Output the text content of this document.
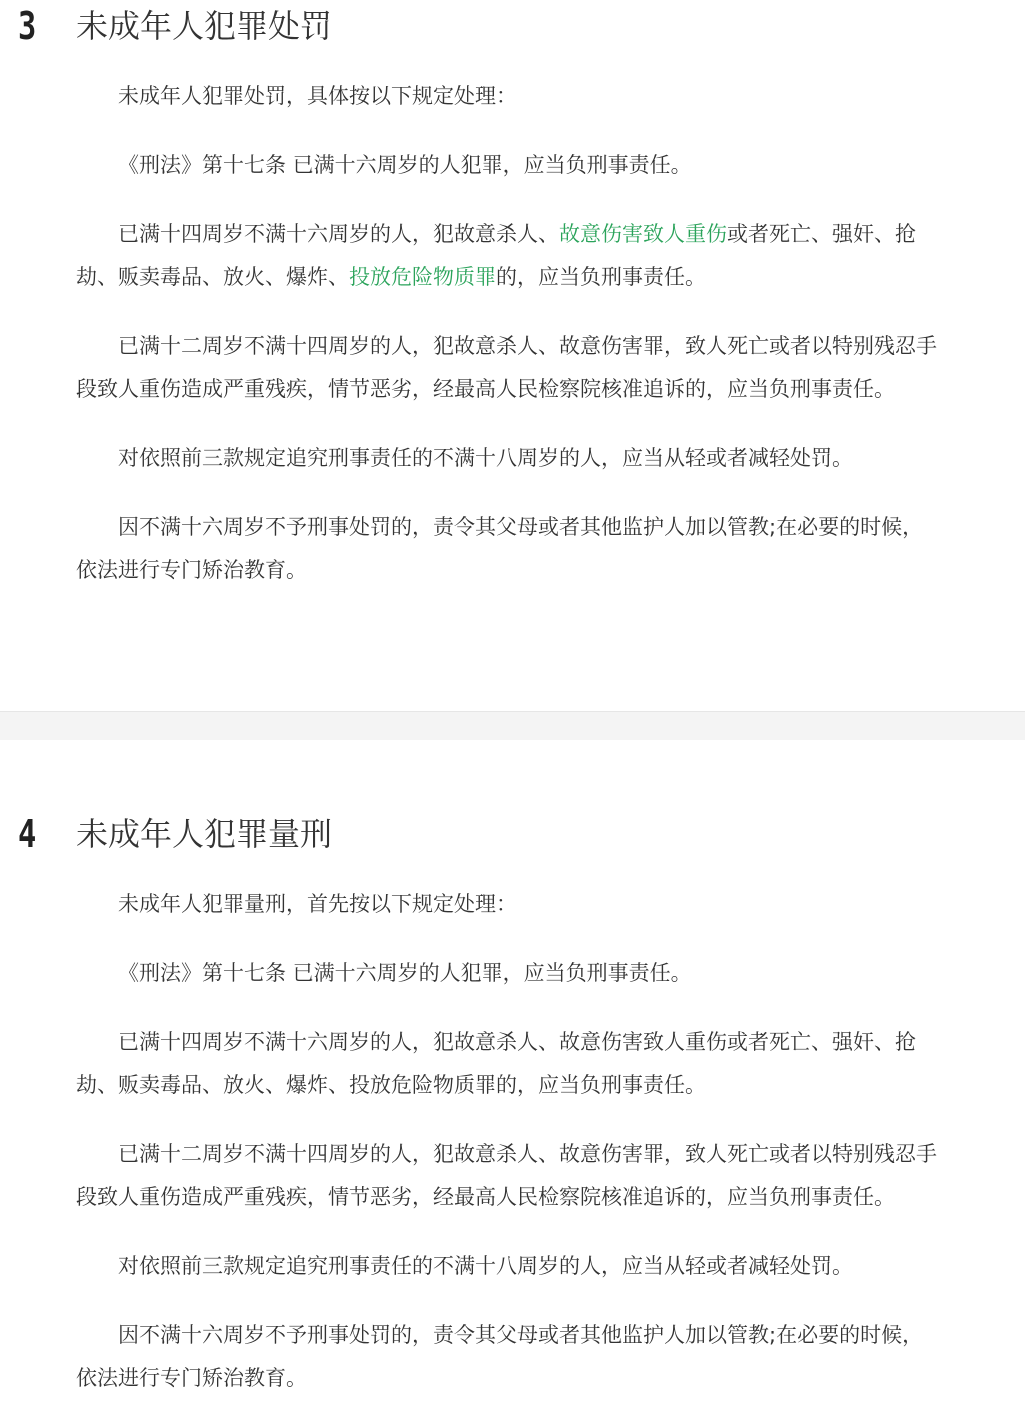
3 未成年人犯罪处罚

未成年人犯罪处罚，具体按以下规定处理：

《刑法》第十七条 已满十六周岁的人犯罪，应当负刑事责任。

已满十四周岁不满十六周岁的人，犯故意杀人、故意伤害致人重伤或者死亡、强奸、抢劫、贩卖毒品、放火、爆炸、投放危险物质罪的，应当负刑事责任。

已满十二周岁不满十四周岁的人，犯故意杀人、故意伤害罪，致人死亡或者以特别残忍手段致人重伤造成严重残疾，情节恶劣，经最高人民检察院核准追诉的，应当负刑事责任。

对依照前三款规定追究刑事责任的不满十八周岁的人，应当从轻或者减轻处罚。

因不满十六周岁不予刑事处罚的，责令其父母或者其他监护人加以管教;在必要的时候，依法进行专门矫治教育。

4 未成年人犯罪量刑

未成年人犯罪量刑，首先按以下规定处理：

《刑法》第十七条 已满十六周岁的人犯罪，应当负刑事责任。

已满十四周岁不满十六周岁的人，犯故意杀人、故意伤害致人重伤或者死亡、强奸、抢劫、贩卖毒品、放火、爆炸、投放危险物质罪的，应当负刑事责任。

已满十二周岁不满十四周岁的人，犯故意杀人、故意伤害罪，致人死亡或者以特别残忍手段致人重伤造成严重残疾，情节恶劣，经最高人民检察院核准追诉的，应当负刑事责任。

对依照前三款规定追究刑事责任的不满十八周岁的人，应当从轻或者减轻处罚。

因不满十六周岁不予刑事处罚的，责令其父母或者其他监护人加以管教;在必要的时候，依法进行专门矫治教育。
